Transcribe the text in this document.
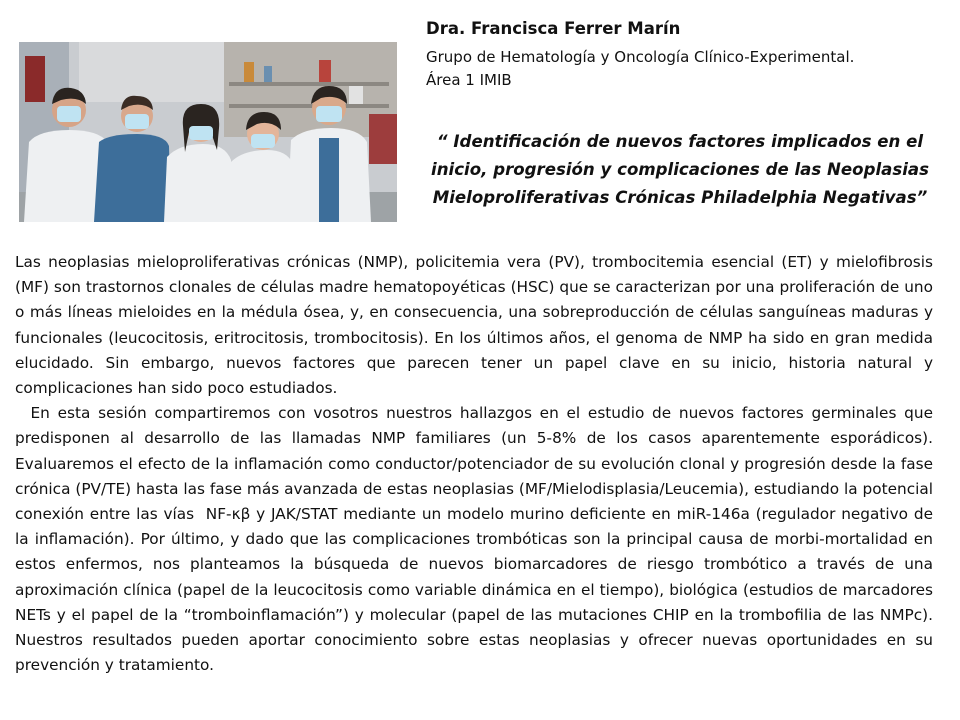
Dra. Francisca Ferrer Marín

Grupo de Hematología y Oncología Clínico-Experimental.

Área 1 IMIB

“ Identificación de nuevos factores implicados en el inicio, progresión y complicaciones de las Neoplasias Mieloproliferativas Crónicas Philadelphia Negativas”

Las neoplasias mieloproliferativas crónicas (NMP), policitemia vera (PV), trombocitemia esencial (ET) y mielofibrosis (MF) son trastornos clonales de células madre hematopoyéticas (HSC) que se caracterizan por una proliferación de uno o más líneas mieloides en la médula ósea, y, en consecuencia, una sobreproducción de células sanguíneas maduras y funcionales (leucocitosis, eritrocitosis, trombocitosis). En los últimos años, el genoma de NMP ha sido en gran medida elucidado. Sin embargo, nuevos factores que parecen tener un papel clave en su inicio, historia natural y complicaciones han sido poco estudiados.

En esta sesión compartiremos con vosotros nuestros hallazgos en el estudio de nuevos factores germinales que predisponen al desarrollo de las llamadas NMP familiares (un 5-8% de los casos aparentemente esporádicos). Evaluaremos el efecto de la inflamación como conductor/potenciador de su evolución clonal y progresión desde la fase crónica (PV/TE) hasta las fase más avanzada de estas neoplasias (MF/Mielodisplasia/Leucemia), estudiando la potencial conexión entre las vías  NF-κβ y JAK/STAT mediante un modelo murino deficiente en miR-146a (regulador negativo de la inflamación). Por último, y dado que las complicaciones trombóticas son la principal causa de morbi-mortalidad en estos enfermos, nos planteamos la búsqueda de nuevos biomarcadores de riesgo trombótico a través de una aproximación clínica (papel de la leucocitosis como variable dinámica en el tiempo), biológica (estudios de marcadores NETs y el papel de la “tromboinflamación”) y molecular (papel de las mutaciones CHIP en la trombofilia de las NMPc). Nuestros resultados pueden aportar conocimiento sobre estas neoplasias y ofrecer nuevas oportunidades en su prevención y tratamiento.
